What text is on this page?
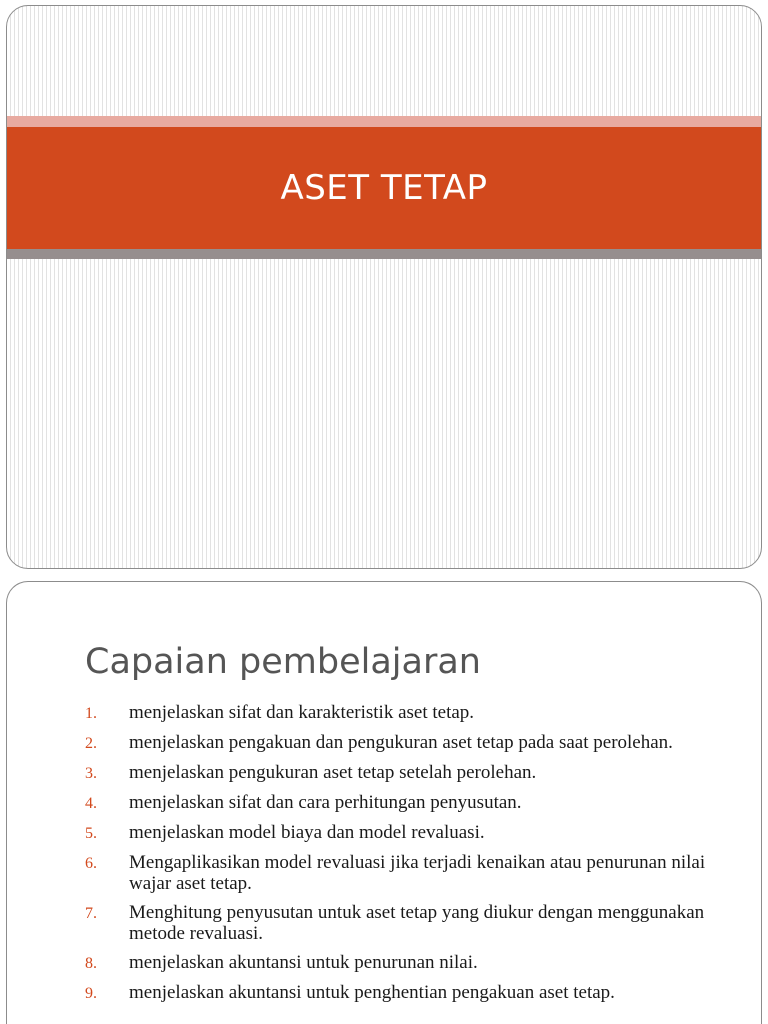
ASET TETAP
Capaian pembelajaran
1.	menjelaskan sifat dan karakteristik aset tetap.
2.	menjelaskan pengakuan dan pengukuran aset tetap pada saat perolehan.
3.	menjelaskan pengukuran aset tetap setelah perolehan.
4.	menjelaskan sifat dan cara perhitungan penyusutan.
5.	menjelaskan model biaya dan model revaluasi.
6.	Mengaplikasikan model revaluasi jika terjadi kenaikan atau penurunan nilai wajar aset tetap.
7.	Menghitung penyusutan untuk aset tetap yang diukur dengan menggunakan metode revaluasi.
8.	menjelaskan akuntansi untuk penurunan nilai.
9.	menjelaskan akuntansi untuk penghentian pengakuan aset tetap.
